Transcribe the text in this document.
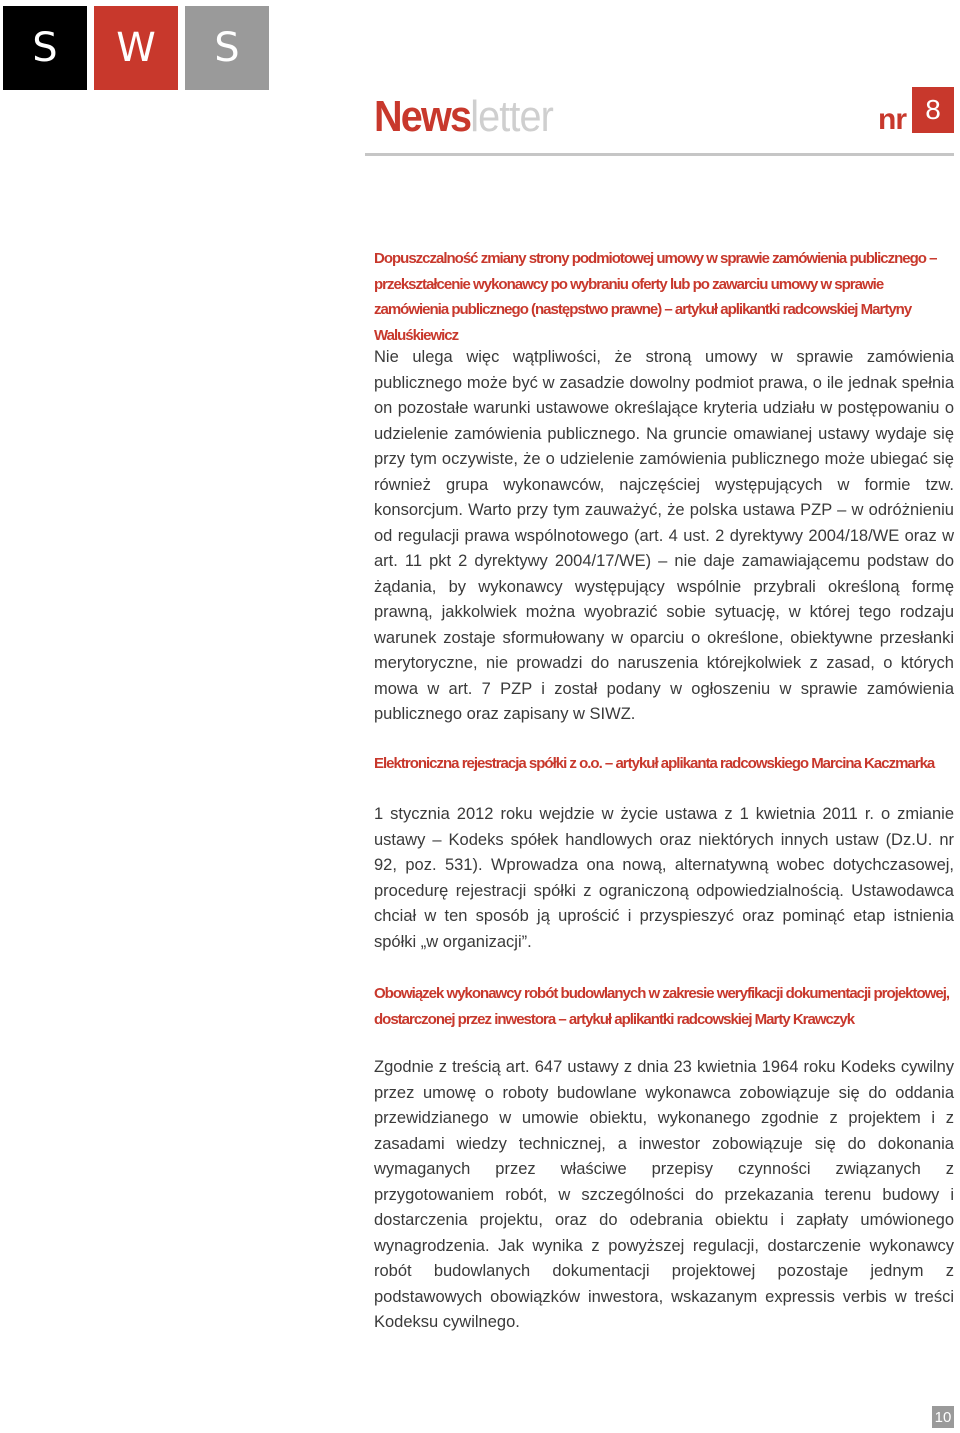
S	W	S
Newsletter	nr 8
Dopuszczalność zmiany strony podmiotowej umowy w sprawie zamówienia publicznego – przekształcenie wykonawcy po wybraniu oferty lub po zawarciu umowy w sprawie zamówienia publicznego (następstwo prawne) – artykuł aplikantki radcowskiej Martyny Waluśkiewicz

Nie ulega więc wątpliwości, że stroną umowy w sprawie zamówienia publicznego może być w zasadzie dowolny podmiot prawa, o ile jednak spełnia on pozostałe warunki ustawowe określające kryteria udziału w postępowaniu o udzielenie zamówienia publicznego. Na gruncie omawianej ustawy wydaje się przy tym oczywiste, że o udzielenie zamówienia publicznego może ubiegać się również grupa wykonawców, najczęściej występujących w formie tzw. konsorcjum. Warto przy tym zauważyć, że polska ustawa PZP – w odróżnieniu od regulacji prawa wspólnotowego (art. 4 ust. 2 dyrektywy 2004/18/WE oraz w art. 11 pkt 2 dyrektywy 2004/17/WE) – nie daje zamawiającemu podstaw do żądania, by wykonawcy występujący wspólnie przybrali określoną formę prawną, jakkolwiek można wyobrazić sobie sytuację, w której tego rodzaju warunek zostaje sformułowany w oparciu o określone, obiektywne przesłanki merytoryczne, nie prowadzi do naruszenia którejkolwiek z zasad, o których mowa w art. 7 PZP i został podany w ogłoszeniu w sprawie zamówienia publicznego oraz zapisany w SIWZ.

Elektroniczna rejestracja spółki z o.o. – artykuł aplikanta radcowskiego Marcina Kaczmarka

1 stycznia 2012 roku wejdzie w życie ustawa z 1 kwietnia 2011 r. o zmianie ustawy – Kodeks spółek handlowych oraz niektórych innych ustaw (Dz.U. nr 92, poz. 531). Wprowadza ona nową, alternatywną wobec dotychczasowej, procedurę rejestracji spółki z ograniczoną odpowiedzialnością. Ustawodawca chciał w ten sposób ją uprościć i przyspieszyć oraz pominąć etap istnienia spółki „w organizacji”.

Obowiązek wykonawcy robót budowlanych w zakresie weryfikacji dokumentacji projektowej, dostarczonej przez inwestora – artykuł aplikantki radcowskiej Marty Krawczyk

Zgodnie z treścią art. 647 ustawy z dnia 23 kwietnia 1964 roku Kodeks cywilny przez umowę o roboty budowlane wykonawca zobowiązuje się do oddania przewidzianego w umowie obiektu, wykonanego zgodnie z projektem i z zasadami wiedzy technicznej, a inwestor zobowiązuje się do dokonania wymaganych przez właściwe przepisy czynności związanych z przygotowaniem robót, w szczególności do przekazania terenu budowy i dostarczenia projektu, oraz do odebrania obiektu i zapłaty umówionego wynagrodzenia. Jak wynika z powyższej regulacji, dostarczenie wykonawcy robót budowlanych dokumentacji projektowej pozostaje jednym z podstawowych obowiązków inwestora, wskazanym expressis verbis w treści Kodeksu cywilnego.

10
